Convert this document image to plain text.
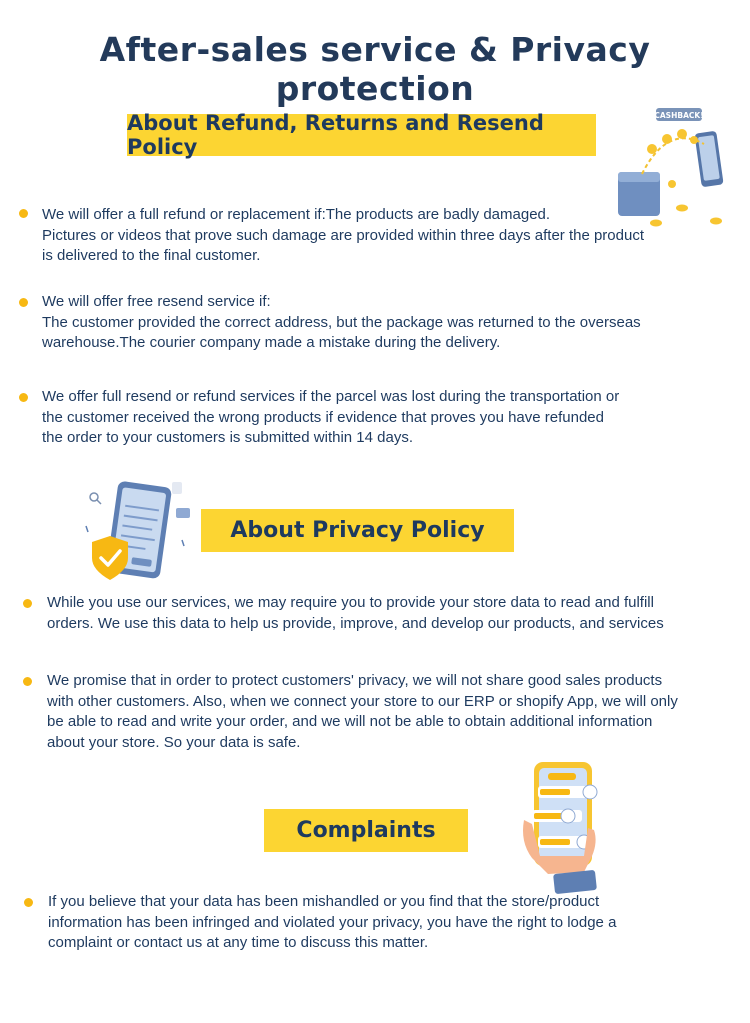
After-sales service & Privacy protection
About Refund, Returns and Resend Policy
CASHBACK!
We will offer a full refund or replacement if:The products are badly damaged.
Pictures or videos that prove such damage are provided within three days after the product
is delivered to the final customer.
We will offer free resend service if:
The customer provided the correct address, but the package was returned to the overseas
warehouse.The courier company made a mistake during the delivery.
We offer full resend or refund services if the parcel was lost during the transportation or
the customer received the wrong products if evidence that proves you have refunded
the order to your customers is submitted within 14 days.
About Privacy Policy
While you use our services, we may require you to provide your store data to read and fulfill
orders. We use this data to help us provide, improve, and develop our products, and services
We promise that in order to protect customers' privacy, we will not share good sales products
with other customers. Also, when we connect your store to our ERP or shopify App, we will only
be able to read and write your order, and we will not be able to obtain additional information
about your store. So your data is safe.
Complaints
If you believe that your data has been mishandled or you find that the store/product
information has been infringed and violated your privacy, you have the right to lodge a
complaint or contact us at any time to discuss this matter.
